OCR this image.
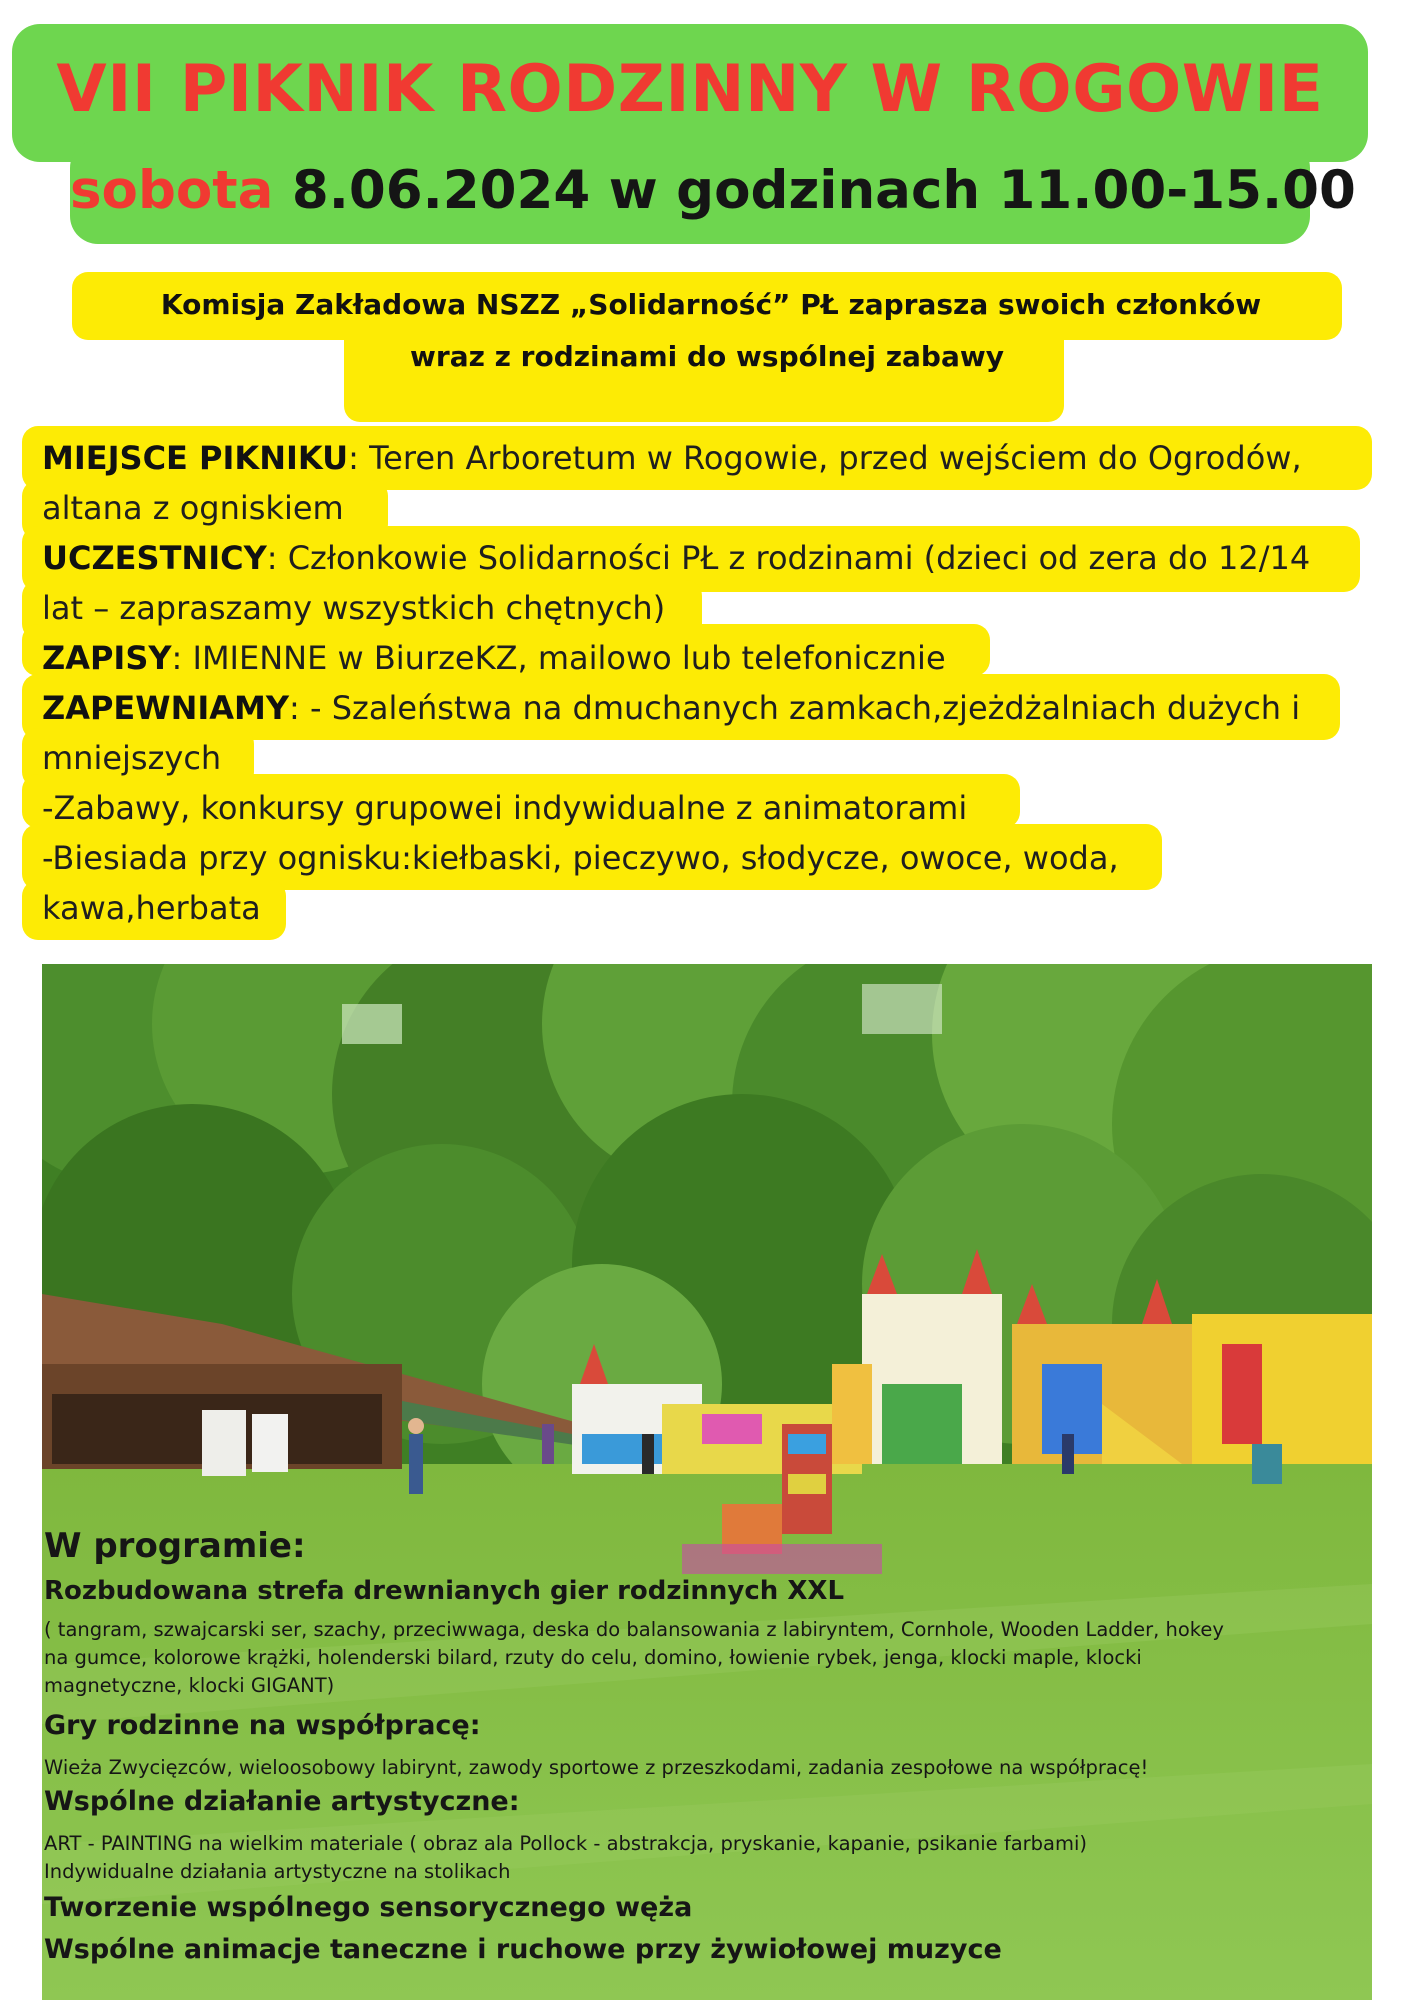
VII PIKNIK RODZINNY W ROGOWIE
sobota 8.06.2024 w godzinach 11.00-15.00
Komisja Zakładowa NSZZ „Solidarność” PŁ zaprasza swoich członków
wraz z rodzinami do wspólnej zabawy

MIEJSCE PIKNIKU: Teren Arboretum w Rogowie, przed wejściem do Ogrodów,

altana z ogniskiem

UCZESTNICY: Członkowie Solidarności PŁ z rodzinami (dzieci od zera do 12/14

lat – zapraszamy wszystkich chętnych)

ZAPISY: IMIENNE w BiurzeKZ, mailowo lub telefonicznie

ZAPEWNIAMY: - Szaleństwa na dmuchanych zamkach,zjeżdżalniach dużych i

mniejszych

-Zabawy, konkursy grupowei indywidualne z animatorami

-Biesiada przy ognisku:kiełbaski, pieczywo, słodycze, owoce, woda,

kawa,herbata

W programie:
Rozbudowana strefa drewnianych gier rodzinnych XXL
( tangram, szwajcarski ser, szachy, przeciwwaga, deska do balansowania z labiryntem, Cornhole, Wooden Ladder, hokey
na gumce, kolorowe krążki, holenderski bilard, rzuty do celu, domino, łowienie rybek, jenga, klocki maple, klocki
magnetyczne, klocki GIGANT)
Gry rodzinne na współpracę:
Wieża Zwycięzców, wieloosobowy labirynt, zawody sportowe z przeszkodami, zadania zespołowe na współpracę!
Wspólne działanie artystyczne:
ART - PAINTING na wielkim materiale ( obraz ala Pollock - abstrakcja, pryskanie, kapanie, psikanie farbami)
Indywidualne działania artystyczne na stolikach
Tworzenie wspólnego sensorycznego węża
Wspólne animacje taneczne i ruchowe przy żywiołowej muzyce
